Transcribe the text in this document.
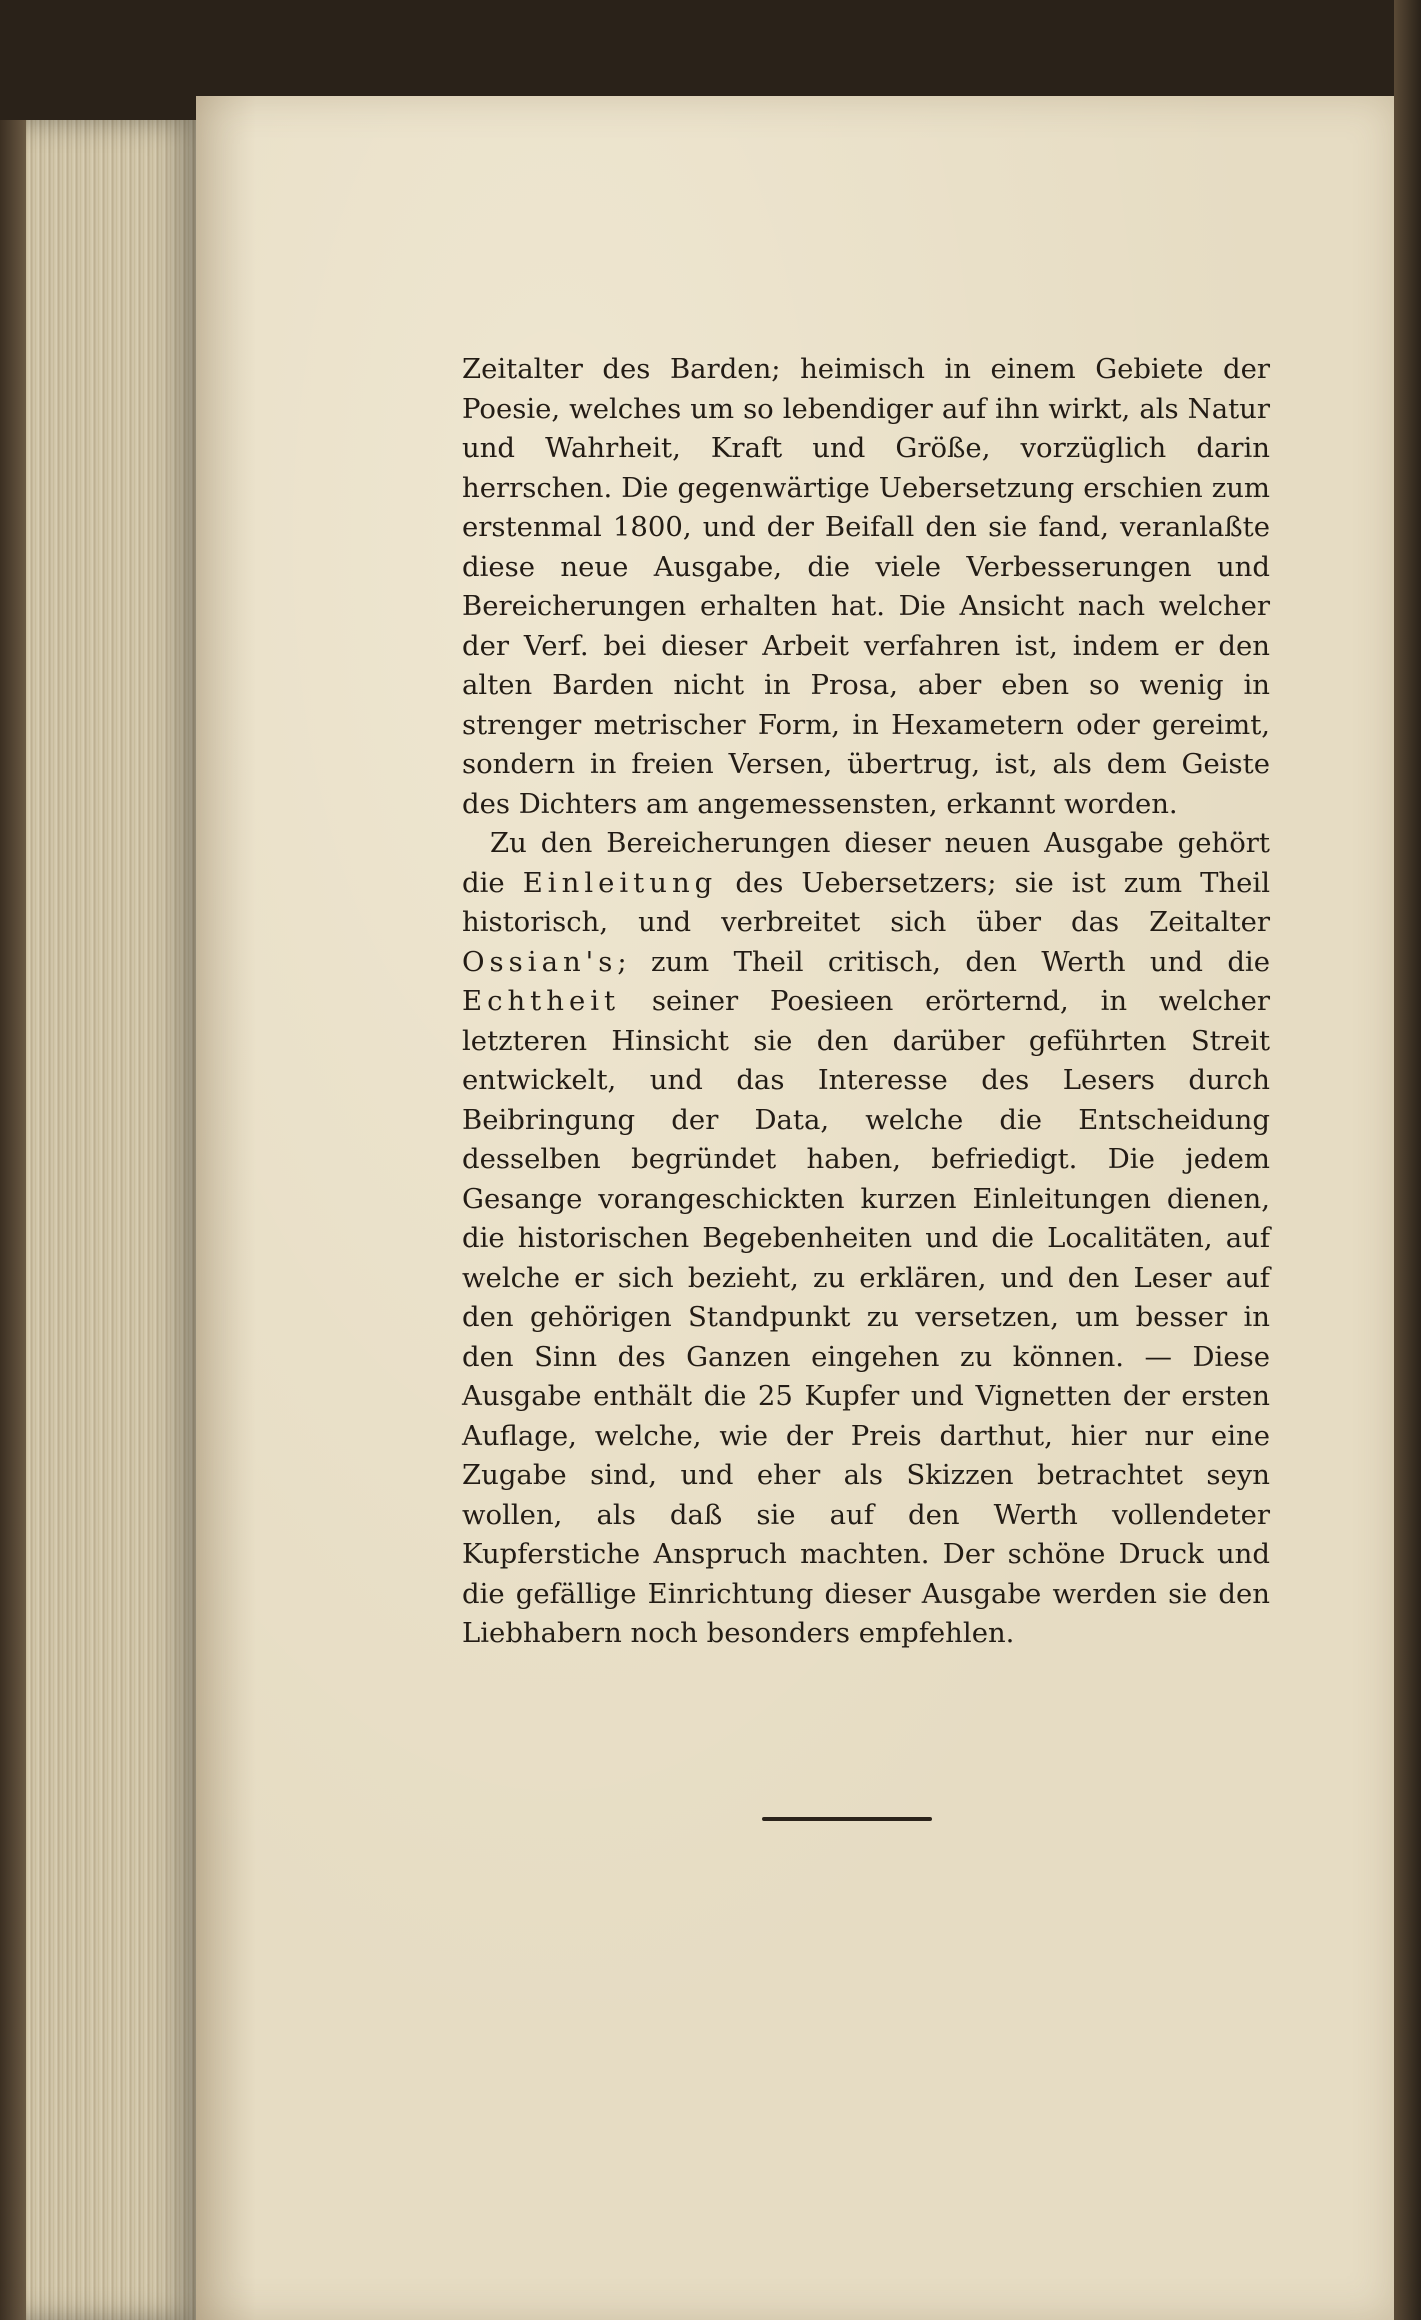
Zeitalter des Barden; heimisch in einem Gebiete der Poesie, welches um so lebendiger auf ihn wirkt, als Natur und Wahrheit, Kraft und Größe, vorzüglich darin herrschen. Die gegenwärtige Uebersetzung erschien zum erstenmal 1800, und der Beifall den sie fand, veranlaßte diese neue Ausgabe, die viele Verbesserungen und Bereicherungen erhalten hat. Die Ansicht nach welcher der Verf. bei dieser Arbeit verfahren ist, indem er den alten Barden nicht in Prosa, aber eben so wenig in strenger metrischer Form, in Hexametern oder gereimt, sondern in freien Versen, übertrug, ist, als dem Geiste des Dichters am angemessensten, erkannt worden.

Zu den Bereicherungen dieser neuen Ausgabe gehört die Einleitung des Uebersetzers; sie ist zum Theil historisch, und verbreitet sich über das Zeitalter Ossian's; zum Theil critisch, den Werth und die Echtheit seiner Poesieen erörternd, in welcher letzteren Hinsicht sie den darüber geführten Streit entwickelt, und das Interesse des Lesers durch Beibringung der Data, welche die Entscheidung desselben begründet haben, befriedigt. Die jedem Gesange vorangeschickten kurzen Einleitungen dienen, die historischen Begebenheiten und die Localitäten, auf welche er sich bezieht, zu erklären, und den Leser auf den gehörigen Standpunkt zu versetzen, um besser in den Sinn des Ganzen eingehen zu können. — Diese Ausgabe enthält die 25 Kupfer und Vignetten der ersten Auflage, welche, wie der Preis darthut, hier nur eine Zugabe sind, und eher als Skizzen betrachtet seyn wollen, als daß sie auf den Werth vollendeter Kupferstiche Anspruch machten. Der schöne Druck und die gefällige Einrichtung dieser Ausgabe werden sie den Liebhabern noch besonders empfehlen.
